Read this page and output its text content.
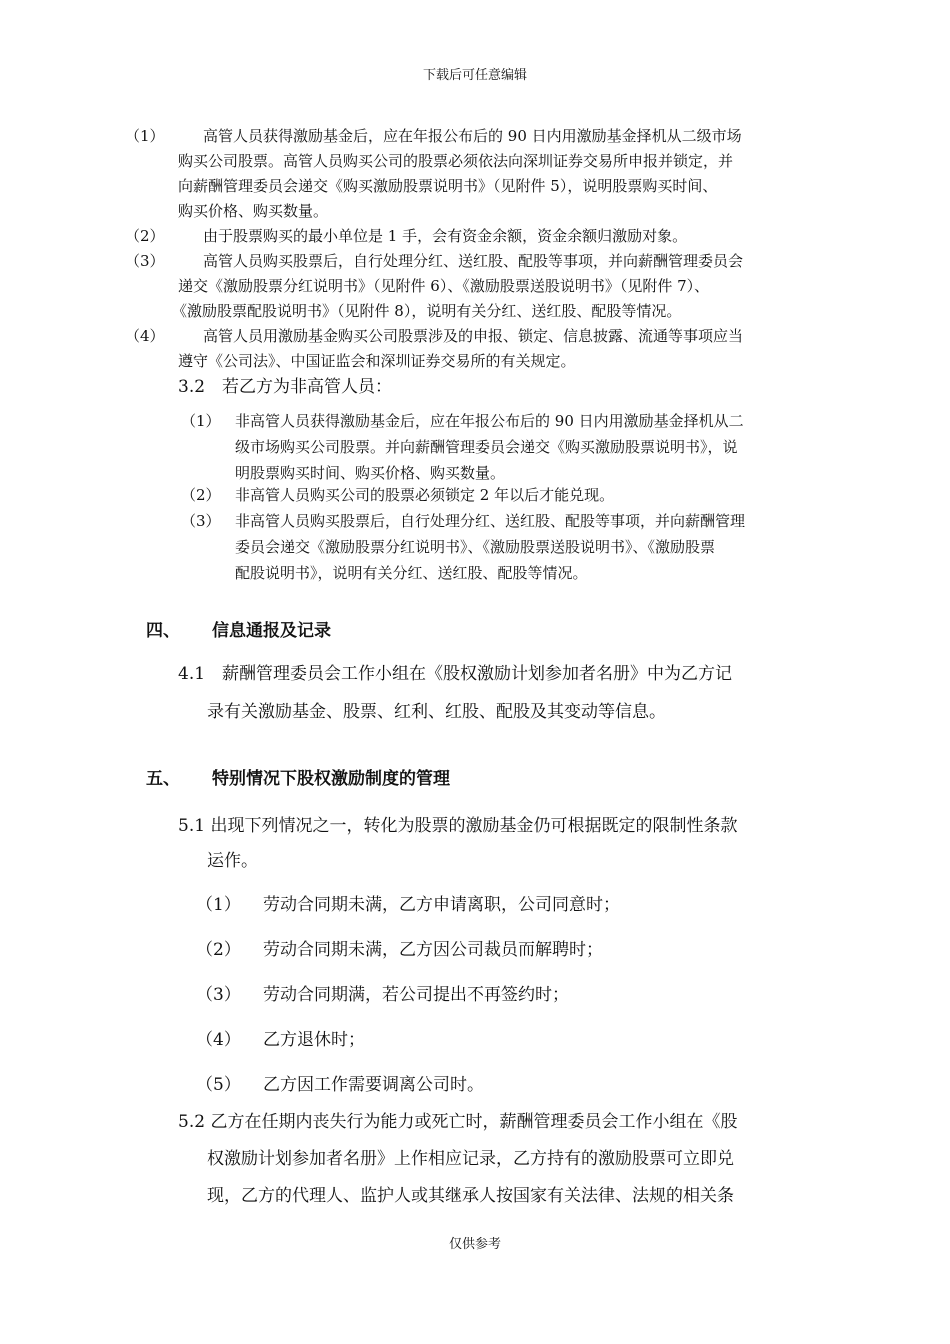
下载后可任意编辑
（1）	高管人员获得激励基金后，应在年报公布后的 90 日内用激励基金择机从二级市场
购买公司股票。高管人员购买公司的股票必须依法向深圳证券交易所申报并锁定，并
向薪酬管理委员会递交《购买激励股票说明书》（见附件 5），说明股票购买时间、
购买价格、购买数量。
（2）	由于股票购买的最小单位是 1 手，会有资金余额，资金余额归激励对象。
（3）	高管人员购买股票后，自行处理分红、送红股、配股等事项，并向薪酬管理委员会
递交《激励股票分红说明书》（见附件 6）、《激励股票送股说明书》（见附件 7）、
《激励股票配股说明书》（见附件 8），说明有关分红、送红股、配股等情况。
（4）	高管人员用激励基金购买公司股票涉及的申报、锁定、信息披露、流通等事项应当
遵守《公司法》、中国证监会和深圳证券交易所的有关规定。
3.2　若乙方为非高管人员：
（1） 非高管人员获得激励基金后，应在年报公布后的 90 日内用激励基金择机从二
级市场购买公司股票。并向薪酬管理委员会递交《购买激励股票说明书》，说
明股票购买时间、购买价格、购买数量。
（2） 非高管人员购买公司的股票必须锁定 2 年以后才能兑现。
（3） 非高管人员购买股票后，自行处理分红、送红股、配股等事项，并向薪酬管理
委员会递交《激励股票分红说明书》、《激励股票送股说明书》、《激励股票
配股说明书》，说明有关分红、送红股、配股等情况。
四、 信息通报及记录
4.1　薪酬管理委员会工作小组在《股权激励计划参加者名册》中为乙方记
录有关激励基金、股票、红利、红股、配股及其变动等信息。
五、 特别情况下股权激励制度的管理
5.1 出现下列情况之一，转化为股票的激励基金仍可根据既定的限制性条款
运作。
（1） 劳动合同期未满，乙方申请离职，公司同意时；
（2） 劳动合同期未满，乙方因公司裁员而解聘时；
（3） 劳动合同期满，若公司提出不再签约时；
（4） 乙方退休时；
（5） 乙方因工作需要调离公司时。
5.2 乙方在任期内丧失行为能力或死亡时，薪酬管理委员会工作小组在《股
权激励计划参加者名册》上作相应记录，乙方持有的激励股票可立即兑
现，乙方的代理人、监护人或其继承人按国家有关法律、法规的相关条
仅供参考
